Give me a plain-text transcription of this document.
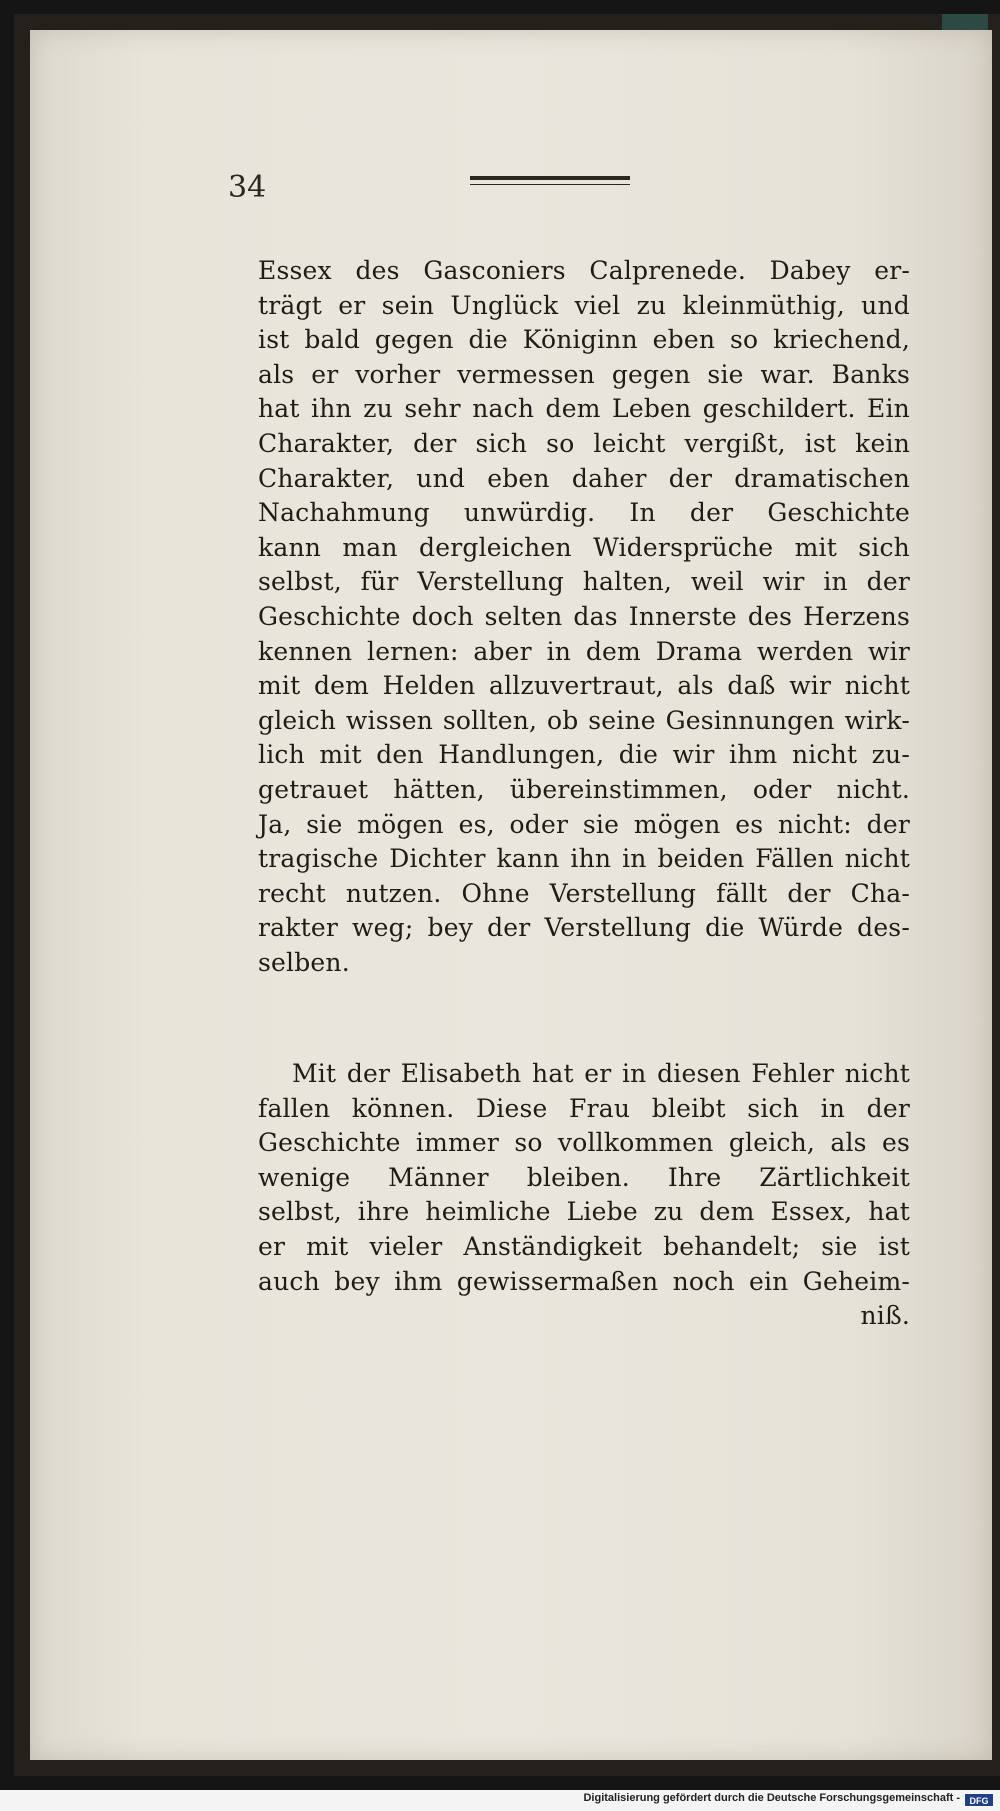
34
Essex des Gasconiers Calprenede. Dabey er-
trägt er sein Unglück viel zu kleinmüthig, und
ist bald gegen die Königinn eben so kriechend,
als er vorher vermessen gegen sie war. Banks
hat ihn zu sehr nach dem Leben geschildert. Ein
Charakter, der sich so leicht vergißt, ist kein
Charakter, und eben daher der dramatischen
Nachahmung unwürdig. In der Geschichte
kann man dergleichen Widersprüche mit sich
selbst, für Verstellung halten, weil wir in der
Geschichte doch selten das Innerste des Herzens
kennen lernen: aber in dem Drama werden wir
mit dem Helden allzuvertraut, als daß wir nicht
gleich wissen sollten, ob seine Gesinnungen wirk-
lich mit den Handlungen, die wir ihm nicht zu-
getrauet hätten, übereinstimmen, oder nicht.
Ja, sie mögen es, oder sie mögen es nicht: der
tragische Dichter kann ihn in beiden Fällen nicht
recht nutzen. Ohne Verstellung fällt der Cha-
rakter weg; bey der Verstellung die Würde des-
selben.
Mit der Elisabeth hat er in diesen Fehler nicht
fallen können. Diese Frau bleibt sich in der
Geschichte immer so vollkommen gleich, als es
wenige Männer bleiben. Ihre Zärtlichkeit
selbst, ihre heimliche Liebe zu dem Essex, hat
er mit vieler Anständigkeit behandelt; sie ist
auch bey ihm gewissermaßen noch ein Geheim-
niß.
Digitalisierung gefördert durch die Deutsche Forschungsgemeinschaft -	DFG
